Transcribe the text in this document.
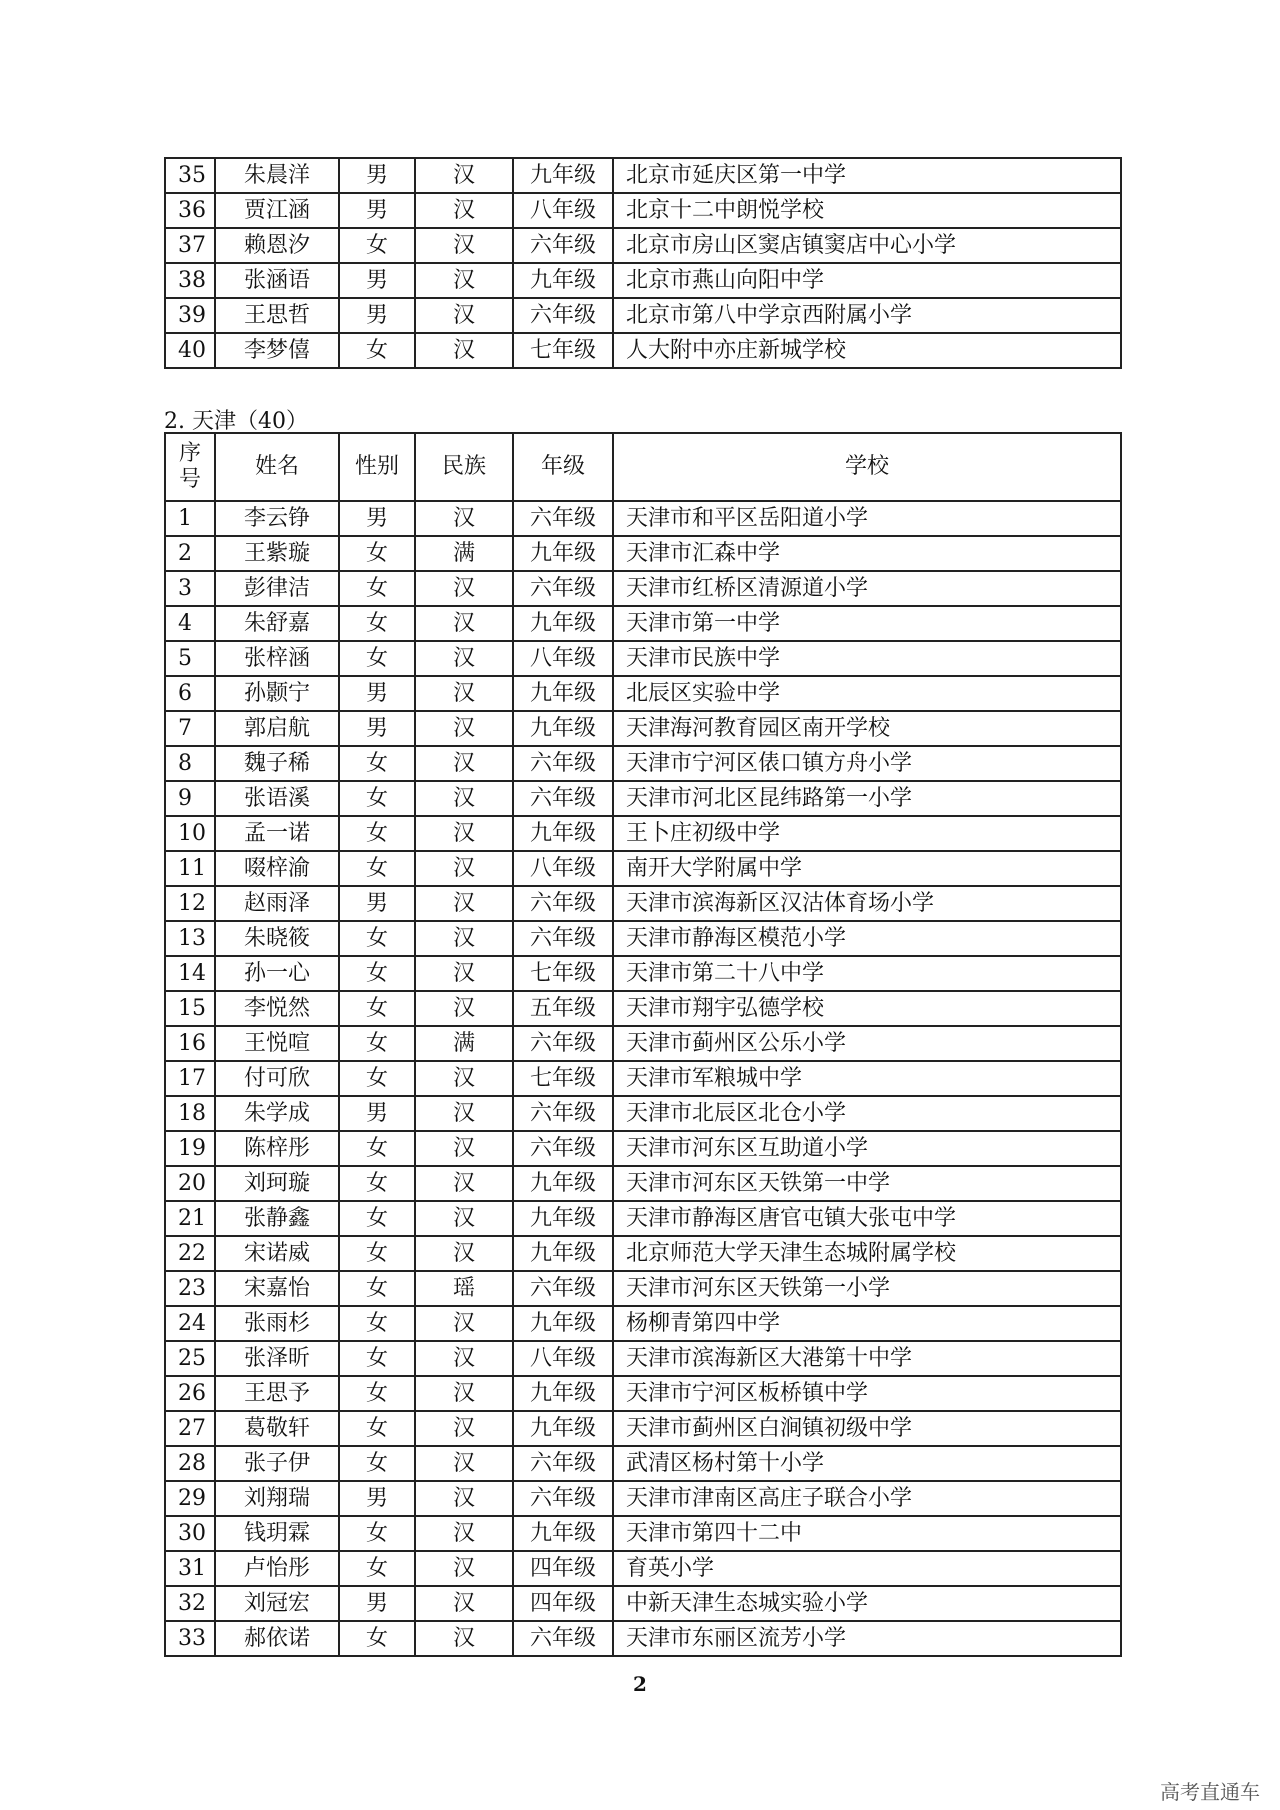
35	朱晨洋	男	汉	九年级	北京市延庆区第一中学
36	贾江涵	男	汉	八年级	北京十二中朗悦学校
37	赖恩汐	女	汉	六年级	北京市房山区窦店镇窦店中心小学
38	张涵语	男	汉	九年级	北京市燕山向阳中学
39	王思哲	男	汉	六年级	北京市第八中学京西附属小学
40	李梦僖	女	汉	七年级	人大附中亦庄新城学校
2. 天津（40）
序号	姓名	性别	民族	年级	学校
1	李云铮	男	汉	六年级	天津市和平区岳阳道小学
2	王紫璇	女	满	九年级	天津市汇森中学
3	彭律洁	女	汉	六年级	天津市红桥区清源道小学
4	朱舒嘉	女	汉	九年级	天津市第一中学
5	张梓涵	女	汉	八年级	天津市民族中学
6	孙颢宁	男	汉	九年级	北辰区实验中学
7	郭启航	男	汉	九年级	天津海河教育园区南开学校
8	魏子稀	女	汉	六年级	天津市宁河区俵口镇方舟小学
9	张语溪	女	汉	六年级	天津市河北区昆纬路第一小学
10	孟一诺	女	汉	九年级	王卜庄初级中学
11	啜梓渝	女	汉	八年级	南开大学附属中学
12	赵雨泽	男	汉	六年级	天津市滨海新区汉沽体育场小学
13	朱晓筱	女	汉	六年级	天津市静海区模范小学
14	孙一心	女	汉	七年级	天津市第二十八中学
15	李悦然	女	汉	五年级	天津市翔宇弘德学校
16	王悦喧	女	满	六年级	天津市蓟州区公乐小学
17	付可欣	女	汉	七年级	天津市军粮城中学
18	朱学成	男	汉	六年级	天津市北辰区北仓小学
19	陈梓彤	女	汉	六年级	天津市河东区互助道小学
20	刘珂璇	女	汉	九年级	天津市河东区天铁第一中学
21	张静鑫	女	汉	九年级	天津市静海区唐官屯镇大张屯中学
22	宋诺威	女	汉	九年级	北京师范大学天津生态城附属学校
23	宋嘉怡	女	瑶	六年级	天津市河东区天铁第一小学
24	张雨杉	女	汉	九年级	杨柳青第四中学
25	张泽昕	女	汉	八年级	天津市滨海新区大港第十中学
26	王思予	女	汉	九年级	天津市宁河区板桥镇中学
27	葛敬轩	女	汉	九年级	天津市蓟州区白涧镇初级中学
28	张子伊	女	汉	六年级	武清区杨村第十小学
29	刘翔瑞	男	汉	六年级	天津市津南区高庄子联合小学
30	钱玥霖	女	汉	九年级	天津市第四十二中
31	卢怡彤	女	汉	四年级	育英小学
32	刘冠宏	男	汉	四年级	中新天津生态城实验小学
33	郝依诺	女	汉	六年级	天津市东丽区流芳小学
2
高考直通车
